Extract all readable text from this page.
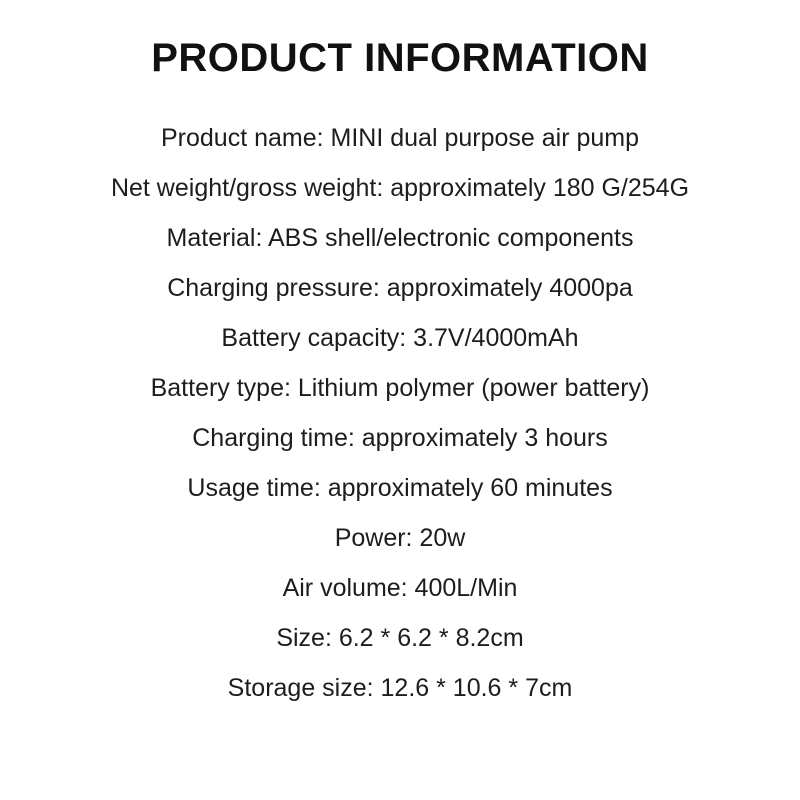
PRODUCT INFORMATION

Product name: MINI dual purpose air pump

Net weight/gross weight: approximately 180 G/254G

Material: ABS shell/electronic components

Charging pressure: approximately 4000pa

Battery capacity: 3.7V/4000mAh

Battery type: Lithium polymer (power battery)

Charging time: approximately 3 hours

Usage time: approximately 60 minutes

Power: 20w

Air volume: 400L/Min

Size: 6.2 * 6.2 * 8.2cm

Storage size: 12.6 * 10.6 * 7cm
